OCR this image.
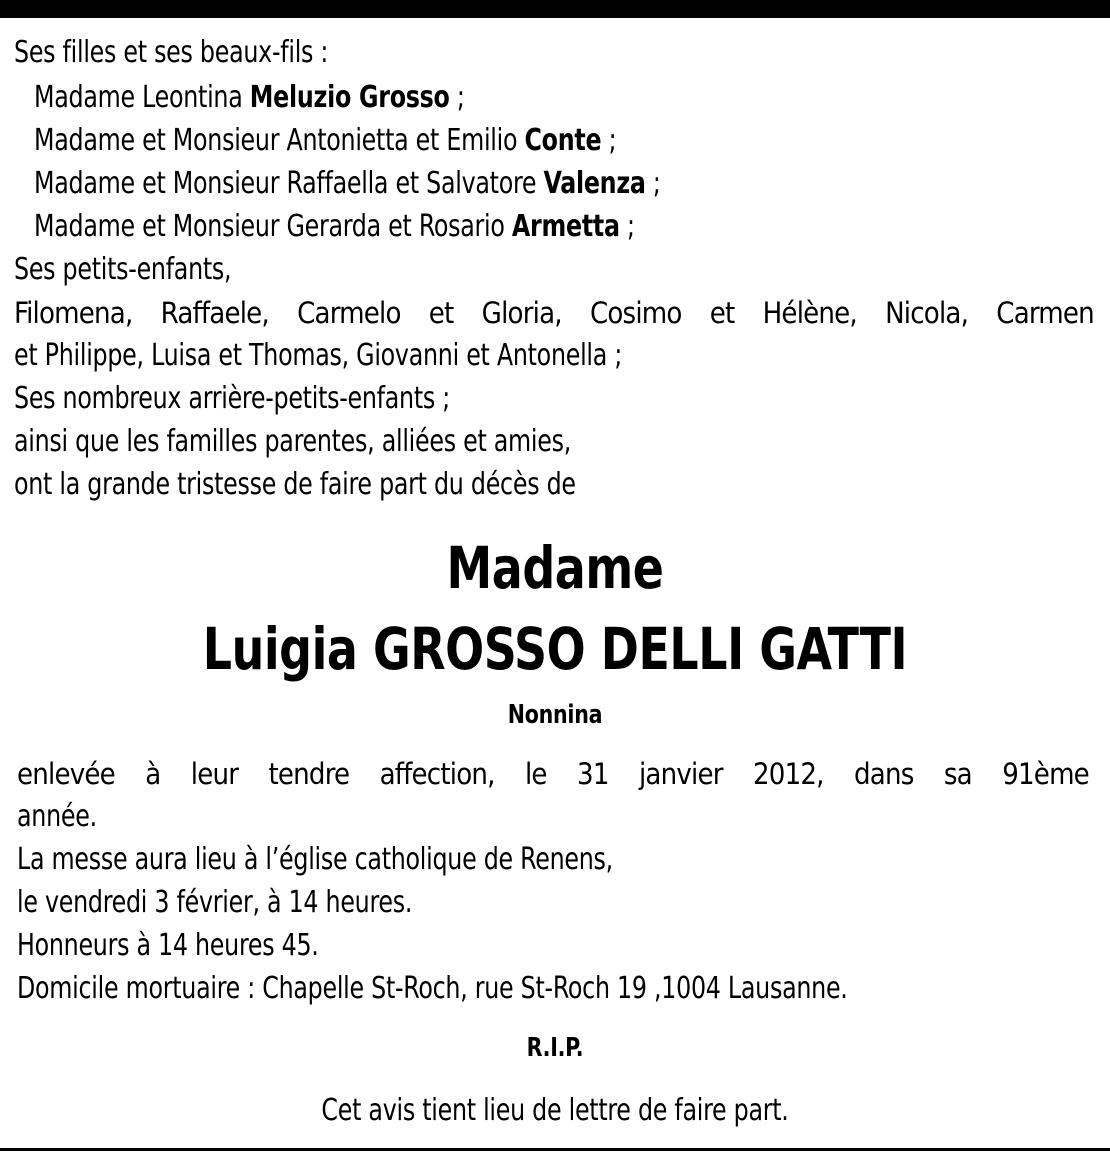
Ses filles et ses beaux-fils :
Madame Leontina Meluzio Grosso ;
Madame et Monsieur Antonietta et Emilio Conte ;
Madame et Monsieur Raffaella et Salvatore Valenza ;
Madame et Monsieur Gerarda et Rosario Armetta ;
Ses petits-enfants,
Filomena, Raffaele, Carmelo et Gloria, Cosimo et Hélène, Nicola, Carmen
et Philippe, Luisa et Thomas, Giovanni et Antonella ;
Ses nombreux arrière-petits-enfants ;
ainsi que les familles parentes, alliées et amies,
ont la grande tristesse de faire part du décès de
Madame
Luigia GROSSO DELLI GATTI
Nonnina
enlevée à leur tendre affection, le 31 janvier 2012, dans sa 91ème
année.
La messe aura lieu à l’église catholique de Renens,
le vendredi 3 février, à 14 heures.
Honneurs à 14 heures 45.
Domicile mortuaire : Chapelle St-Roch, rue St-Roch 19 ,1004 Lausanne.
R.I.P.
Cet avis tient lieu de lettre de faire part.
